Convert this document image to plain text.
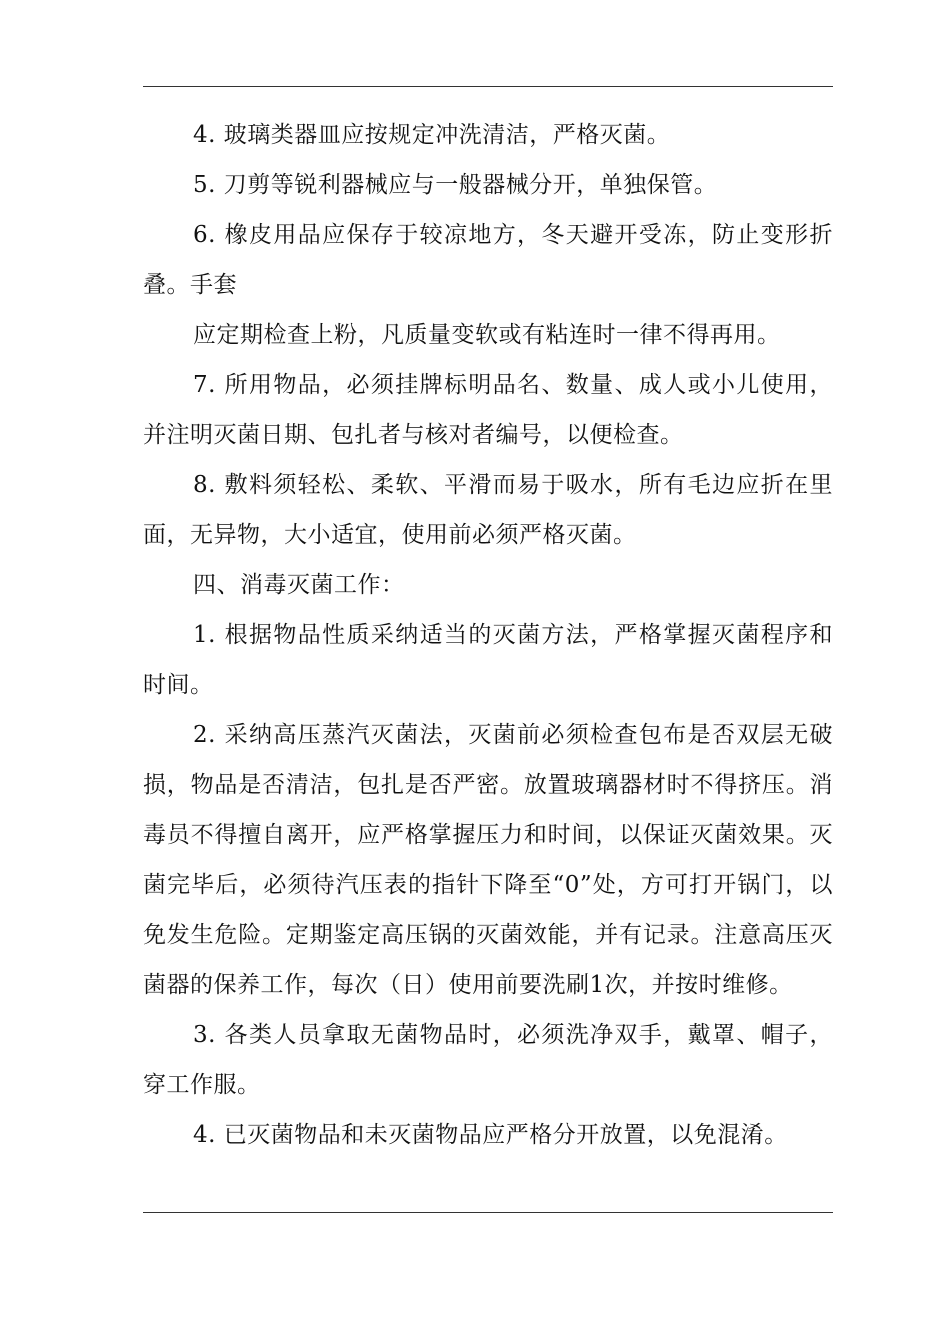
4. 玻璃类器皿应按规定冲洗清洁，严格灭菌。

5. 刀剪等锐利器械应与一般器械分开，单独保管。

6. 橡皮用品应保存于较凉地方，冬天避开受冻，防止变形折叠。手套

应定期检查上粉，凡质量变软或有粘连时一律不得再用。

7. 所用物品，必须挂牌标明品名、数量、成人或小儿使用，并注明灭菌日期、包扎者与核对者编号，以便检查。

8. 敷料须轻松、柔软、平滑而易于吸水，所有毛边应折在里面，无异物，大小适宜，使用前必须严格灭菌。

四、消毒灭菌工作：

1. 根据物品性质采纳适当的灭菌方法，严格掌握灭菌程序和时间。

2. 采纳高压蒸汽灭菌法，灭菌前必须检查包布是否双层无破损，物品是否清洁，包扎是否严密。放置玻璃器材时不得挤压。消毒员不得擅自离开，应严格掌握压力和时间，以保证灭菌效果。灭菌完毕后，必须待汽压表的指针下降至“0”处，方可打开锅门，以免发生危险。定期鉴定高压锅的灭菌效能，并有记录。注意高压灭菌器的保养工作，每次（日）使用前要洗刷1次，并按时维修。

3. 各类人员拿取无菌物品时，必须洗净双手，戴罩、帽子，穿工作服。

4. 已灭菌物品和未灭菌物品应严格分开放置，以免混淆。
